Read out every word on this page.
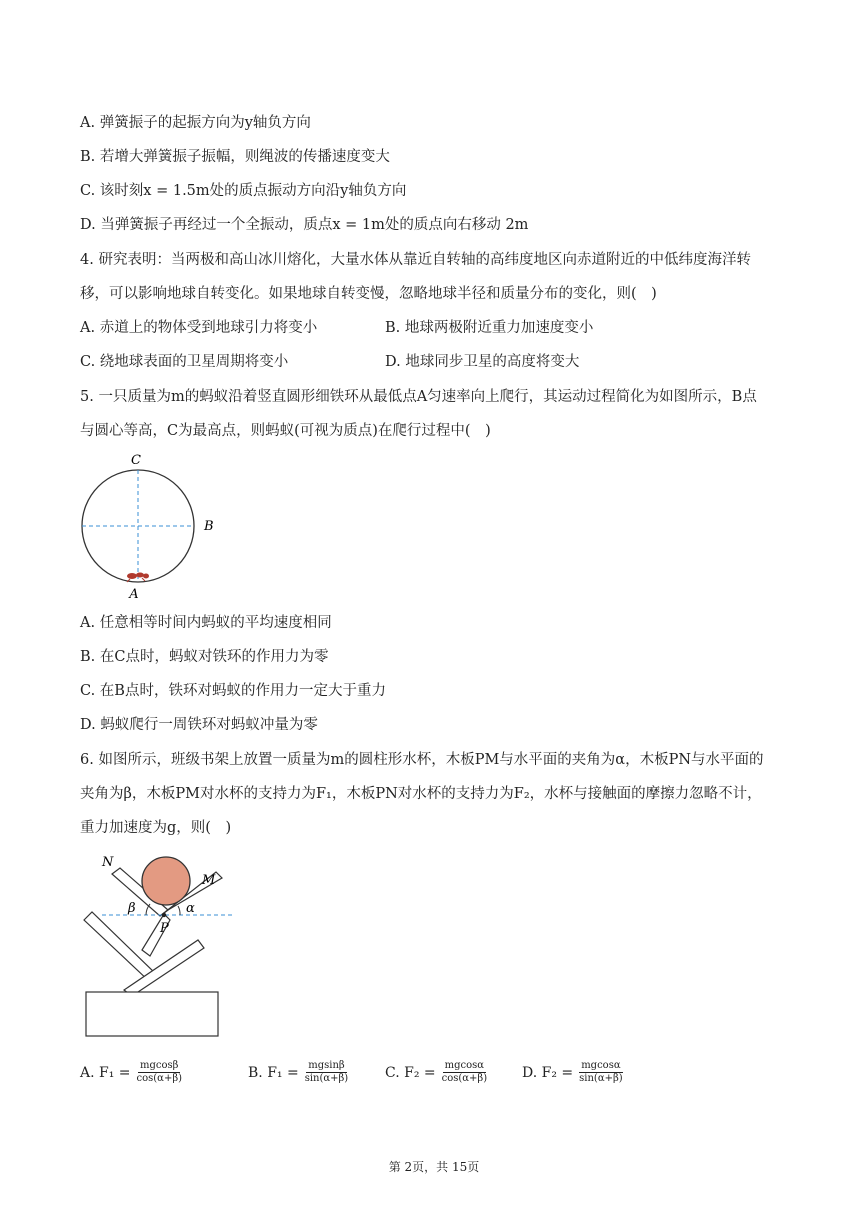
A. 弹簧振子的起振方向为y轴负方向
B. 若增大弹簧振子振幅，则绳波的传播速度变大
C. 该时刻x = 1.5m处的质点振动方向沿y轴负方向
D. 当弹簧振子再经过一个全振动，质点x = 1m处的质点向右移动 2m
4. 研究表明：当两极和高山冰川熔化，大量水体从靠近自转轴的高纬度地区向赤道附近的中低纬度海洋转
移，可以影响地球自转变化。如果地球自转变慢，忽略地球半径和质量分布的变化，则(　)
A. 赤道上的物体受到地球引力将变小	B. 地球两极附近重力加速度变小
C. 绕地球表面的卫星周期将变小	D. 地球同步卫星的高度将变大
5. 一只质量为m的蚂蚁沿着竖直圆形细铁环从最低点A匀速率向上爬行，其运动过程简化为如图所示，B点
与圆心等高，C为最高点，则蚂蚁(可视为质点)在爬行过程中(　)
C
B
A
A. 任意相等时间内蚂蚁的平均速度相同
B. 在C点时，蚂蚁对铁环的作用力为零
C. 在B点时，铁环对蚂蚁的作用力一定大于重力
D. 蚂蚁爬行一周铁环对蚂蚁冲量为零
6. 如图所示，班级书架上放置一质量为m的圆柱形水杯，木板PM与水平面的夹角为α，木板PN与水平面的
夹角为β，木板PM对水杯的支持力为F₁，木板PN对水杯的支持力为F₂，水杯与接触面的摩擦力忽略不计，
重力加速度为g，则(　)
N
M
β	α
P
A. $F_1 = \frac{mgcos\beta}{\cos(\alpha+\beta)}$	B. $F_1 = \frac{mgsin\beta}{\sin(\alpha+\beta)} C$. $F_2 = \frac{mgcos\alpha}{\cos(\alpha+\beta)} D$. $F_2 = \frac{mgcos\alpha}{\sin(\alpha+\beta)}$
第 2页，共 15页
